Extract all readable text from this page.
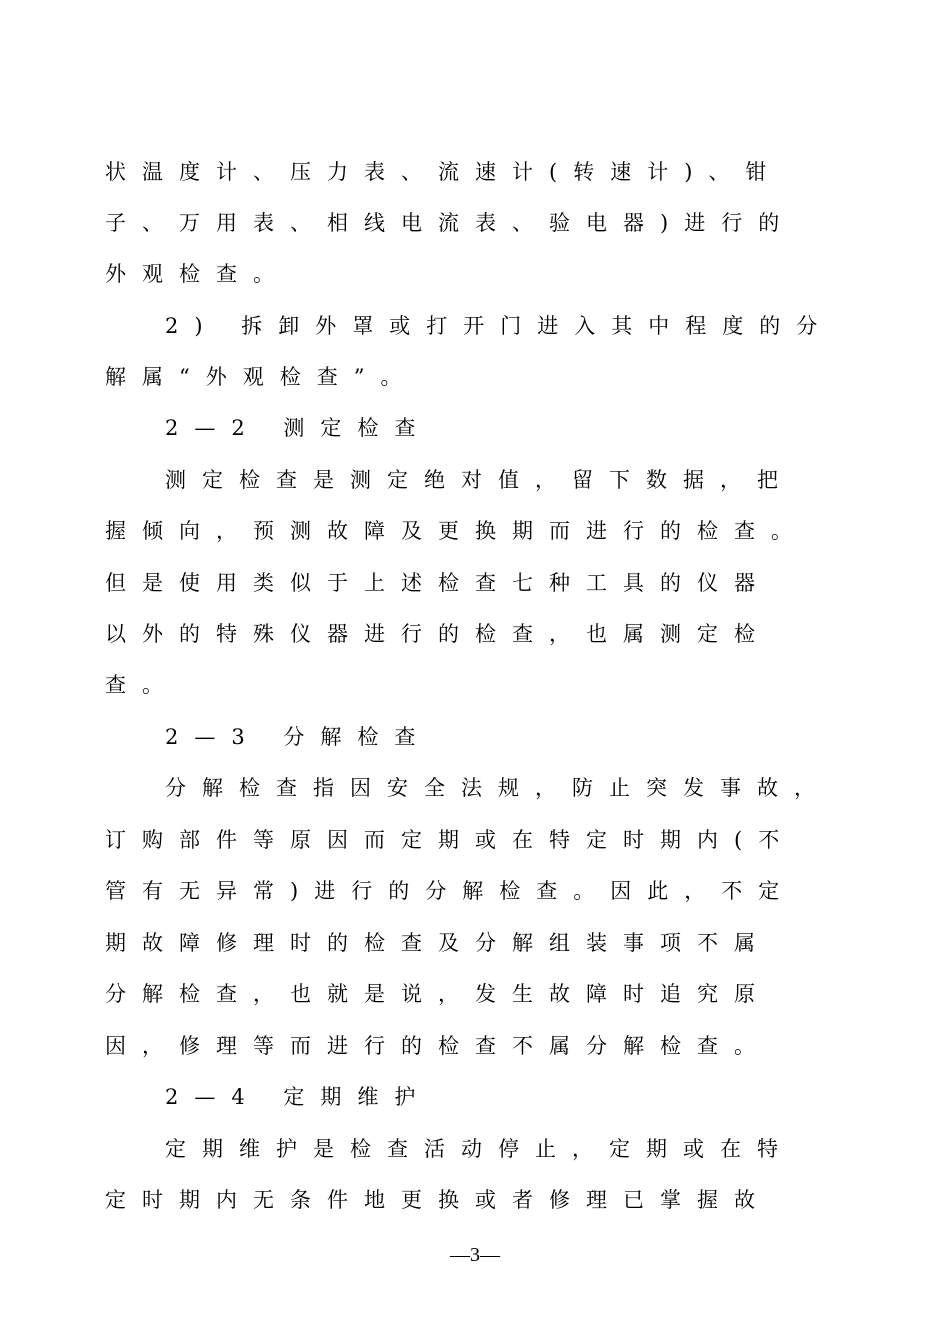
状温度计、压力表、流速计(转速计)、钳

子、万用表、相线电流表、验电器)进行的

外观检查。

2) 拆卸外罩或打开门进入其中程度的分

解属“外观检查”。

2—2 测定检查

测定检查是测定绝对值，留下数据，把

握倾向，预测故障及更换期而进行的检查。

但是使用类似于上述检查七种工具的仪器

以外的特殊仪器进行的检查，也属测定检

查。

2—3 分解检查

分解检查指因安全法规，防止突发事故，

订购部件等原因而定期或在特定时期内(不

管有无异常)进行的分解检查。因此，不定

期故障修理时的检查及分解组装事项不属

分解检查，也就是说，发生故障时追究原

因，修理等而进行的检查不属分解检查。

2—4 定期维护

定期维护是检查活动停止，定期或在特

定时期内无条件地更换或者修理已掌握故

—3—
